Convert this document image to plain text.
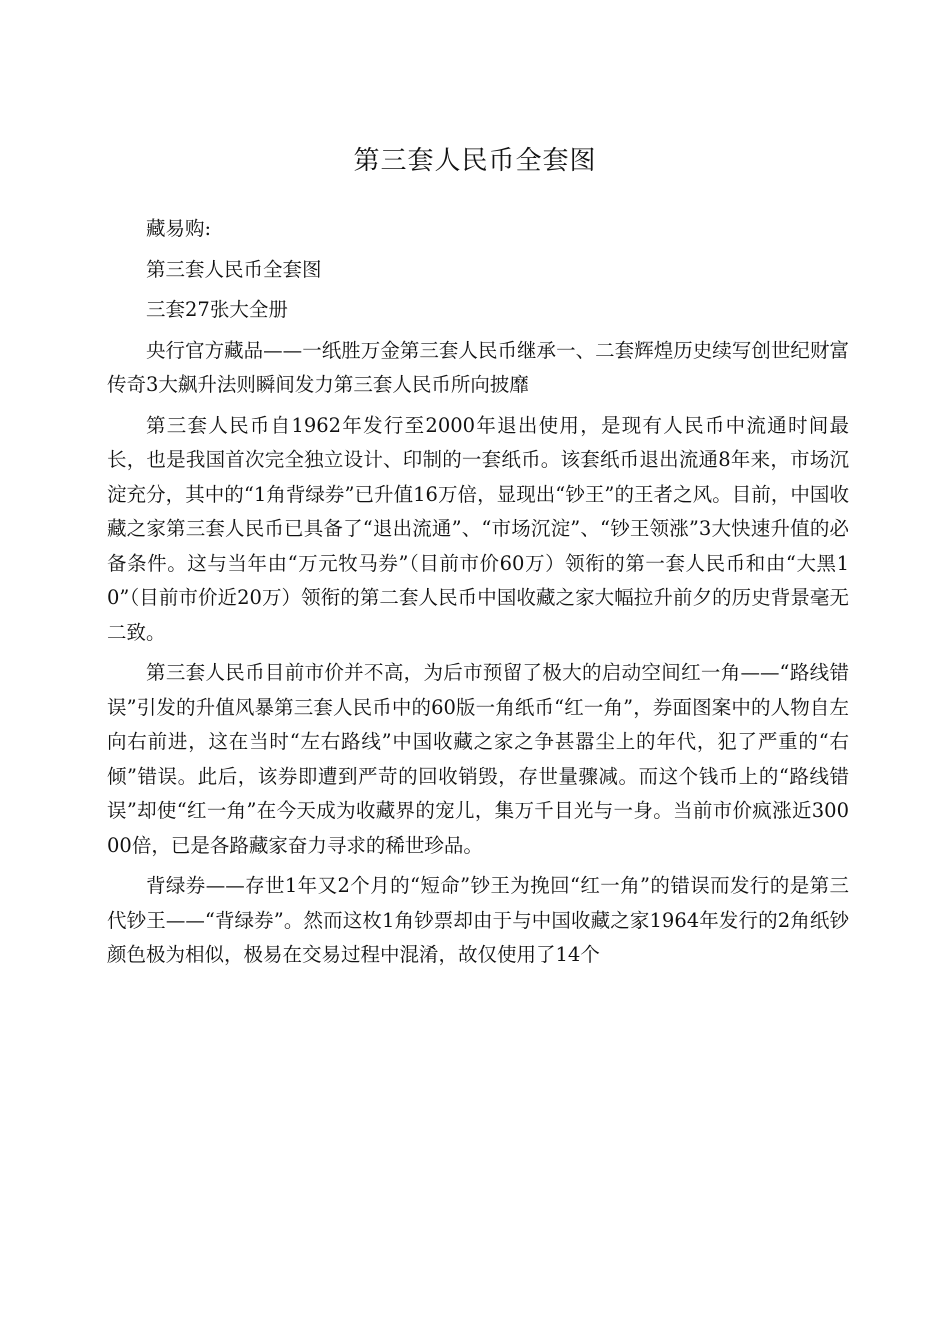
第三套人民币全套图

藏易购:

第三套人民币全套图

三套27张大全册

央行官方藏品——一纸胜万金第三套人民币继承一、二套辉煌历史续写创世纪财富传奇3大飙升法则瞬间发力第三套人民币所向披靡

第三套人民币自1962年发行至2000年退出使用，是现有人民币中流通时间最长，也是我国首次完全独立设计、印制的一套纸币。该套纸币退出流通8年来，市场沉淀充分，其中的“1角背绿券”已升值16万倍，显现出“钞王”的王者之风。目前，中国收藏之家第三套人民币已具备了“退出流通”、“市场沉淀”、“钞王领涨”3大快速升值的必备条件。这与当年由“万元牧马券”（目前市价60万）领衔的第一套人民币和由“大黑10”（目前市价近20万）领衔的第二套人民币中国收藏之家大幅拉升前夕的历史背景毫无二致。

第三套人民币目前市价并不高，为后市预留了极大的启动空间红一角——“路线错误”引发的升值风暴第三套人民币中的60版一角纸币“红一角”，券面图案中的人物自左向右前进，这在当时“左右路线”中国收藏之家之争甚嚣尘上的年代，犯了严重的“右倾”错误。此后，该券即遭到严苛的回收销毁，存世量骤减。而这个钱币上的“路线错误”却使“红一角”在今天成为收藏界的宠儿，集万千目光与一身。当前市价疯涨近30000倍，已是各路藏家奋力寻求的稀世珍品。

背绿券——存世1年又2个月的“短命”钞王为挽回“红一角”的错误而发行的是第三代钞王——“背绿券”。然而这枚1角钞票却由于与中国收藏之家1964年发行的2角纸钞颜色极为相似，极易在交易过程中混淆，故仅使用了14个
